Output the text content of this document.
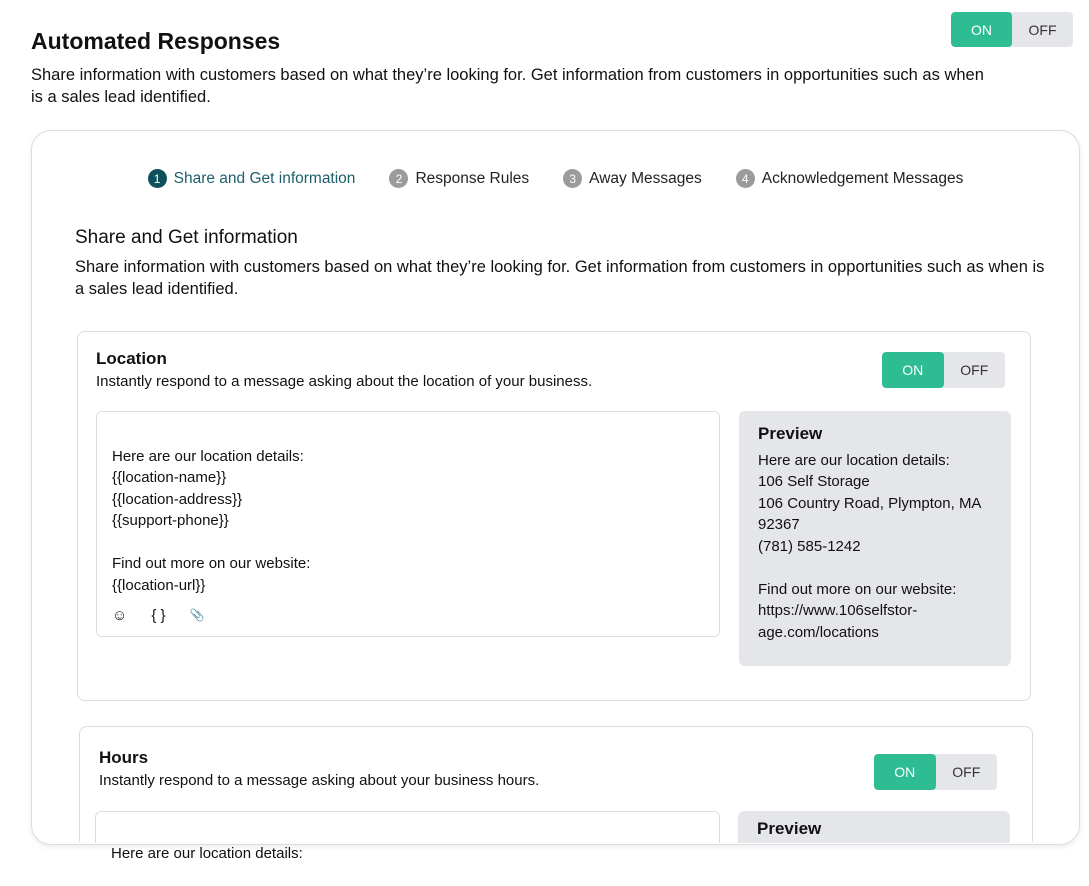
Automated Responses	ON	OFF
Share information with customers based on what they’re looking for. Get information from customers in opportunities such as when is a sales lead identified.
1 Share and Get information	2 Response Rules	3 Away Messages	4 Acknowledgement Messages
Share and Get information
Share information with customers based on what they’re looking for. Get information from customers in opportunities such as when is a sales lead identified.
Location
Instantly respond to a message asking about the location of your business.
ON	OFF

Here are our location details:
{{location-name}}
{{location-address}}
{{support-phone}}

Find out more on our website:
{{location-url}}

☺ { } 📎

Preview
Here are our location details:
106 Self Storage
106 Country Road, Plympton, MA 92367
(781) 585-1242

Find out more on our website:
https://www.106selfstor-age.com/locations
Hours
Instantly respond to a message asking about your business hours.	ON	OFF

Here are our location details:

Preview
